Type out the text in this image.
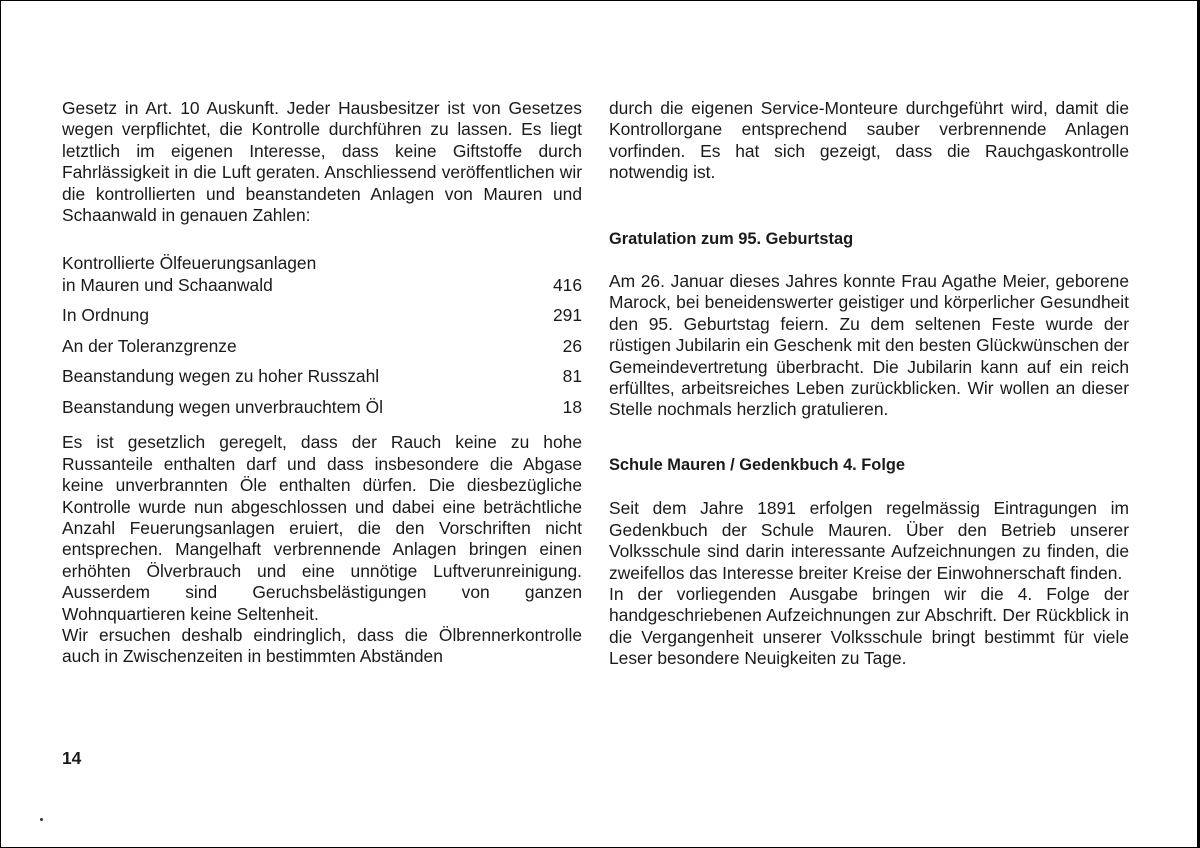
Gesetz in Art. 10 Auskunft. Jeder Hausbesitzer ist von Gesetzes wegen verpflichtet, die Kontrolle durchführen zu lassen. Es liegt letztlich im eigenen Interesse, dass keine Giftstoffe durch Fahrlässigkeit in die Luft geraten. Anschliessend veröffentlichen wir die kontrollierten und beanstandeten Anlagen von Mauren und Schaanwald in genauen Zahlen:

Kontrollierte Ölfeuerungsanlagen
in Mauren und Schaanwald	416
In Ordnung	291
An der Toleranzgrenze	26
Beanstandung wegen zu hoher Russzahl	81
Beanstandung wegen unverbrauchtem Öl	18

Es ist gesetzlich geregelt, dass der Rauch keine zu hohe Russanteile enthalten darf und dass insbesondere die Abgase keine unverbrannten Öle enthalten dürfen. Die diesbezügliche Kontrolle wurde nun abgeschlossen und dabei eine beträchtliche Anzahl Feuerungsanlagen eruiert, die den Vorschriften nicht entsprechen. Mangelhaft verbrennende Anlagen bringen einen erhöhten Ölverbrauch und eine unnötige Luftverunreinigung. Ausserdem sind Geruchsbelästigungen von ganzen Wohnquartieren keine Seltenheit.

Wir ersuchen deshalb eindringlich, dass die Ölbrennerkontrolle auch in Zwischenzeiten in bestimmten Abständen

durch die eigenen Service-Monteure durchgeführt wird, damit die Kontrollorgane entsprechend sauber verbrennende Anlagen vorfinden. Es hat sich gezeigt, dass die Rauchgaskontrolle notwendig ist.

Gratulation zum 95. Geburtstag

Am 26. Januar dieses Jahres konnte Frau Agathe Meier, geborene Marock, bei beneidenswerter geistiger und körperlicher Gesundheit den 95. Geburtstag feiern. Zu dem seltenen Feste wurde der rüstigen Jubilarin ein Geschenk mit den besten Glückwünschen der Gemeindevertretung überbracht. Die Jubilarin kann auf ein reich erfülltes, arbeitsreiches Leben zurückblicken. Wir wollen an dieser Stelle nochmals herzlich gratulieren.

Schule Mauren / Gedenkbuch 4. Folge

Seit dem Jahre 1891 erfolgen regelmässig Eintragungen im Gedenkbuch der Schule Mauren. Über den Betrieb unserer Volksschule sind darin interessante Aufzeichnungen zu finden, die zweifellos das Interesse breiter Kreise der Einwohnerschaft finden.

In der vorliegenden Ausgabe bringen wir die 4. Folge der handgeschriebenen Aufzeichnungen zur Abschrift. Der Rückblick in die Vergangenheit unserer Volksschule bringt bestimmt für viele Leser besondere Neuigkeiten zu Tage.

14
